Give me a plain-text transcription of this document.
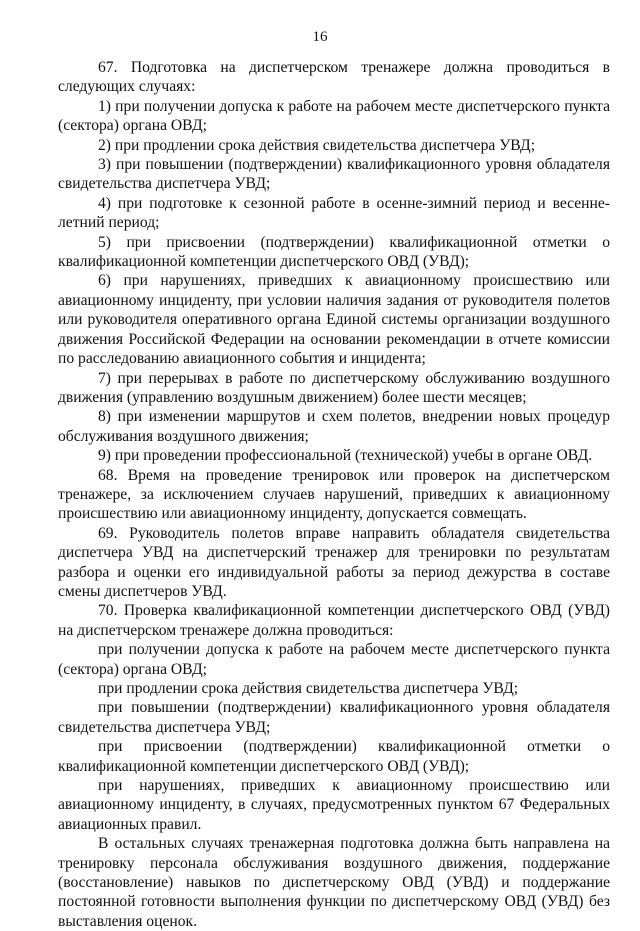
16

67. Подготовка на диспетчерском тренажере должна проводиться в следующих случаях:

1) при получении допуска к работе на рабочем месте диспетчерского пункта (сектора) органа ОВД;

2) при продлении срока действия свидетельства диспетчера УВД;

3) при повышении (подтверждении) квалификационного уровня обладателя свидетельства диспетчера УВД;

4) при подготовке к сезонной работе в осенне-зимний период и весенне-летний период;

5) при присвоении (подтверждении) квалификационной отметки о квалификационной компетенции диспетчерского ОВД (УВД);

6) при нарушениях, приведших к авиационному происшествию или авиационному инциденту, при условии наличия задания от руководителя полетов или руководителя оперативного органа Единой системы организации воздушного движения Российской Федерации на основании рекомендации в отчете комиссии по расследованию авиационного события и инцидента;

7) при перерывах в работе по диспетчерскому обслуживанию воздушного движения (управлению воздушным движением) более шести месяцев;

8) при изменении маршрутов и схем полетов, внедрении новых процедур обслуживания воздушного движения;

9) при проведении профессиональной (технической) учебы в органе ОВД.

68. Время на проведение тренировок или проверок на диспетчерском тренажере, за исключением случаев нарушений, приведших к авиационному происшествию или авиационному инциденту, допускается совмещать.

69. Руководитель полетов вправе направить обладателя свидетельства диспетчера УВД на диспетчерский тренажер для тренировки по результатам разбора и оценки его индивидуальной работы за период дежурства в составе смены диспетчеров УВД.

70. Проверка квалификационной компетенции диспетчерского ОВД (УВД) на диспетчерском тренажере должна проводиться:

при получении допуска к работе на рабочем месте диспетчерского пункта (сектора) органа ОВД;

при продлении срока действия свидетельства диспетчера УВД;

при повышении (подтверждении) квалификационного уровня обладателя свидетельства диспетчера УВД;

при присвоении (подтверждении) квалификационной отметки о квалификационной компетенции диспетчерского ОВД (УВД);

при нарушениях, приведших к авиационному происшествию или авиационному инциденту, в случаях, предусмотренных пунктом 67 Федеральных авиационных правил.

В остальных случаях тренажерная подготовка должна быть направлена на тренировку персонала обслуживания воздушного движения, поддержание (восстановление) навыков по диспетчерскому ОВД (УВД) и поддержание постоянной готовности выполнения функции по диспетчерскому ОВД (УВД) без выставления оценок.
